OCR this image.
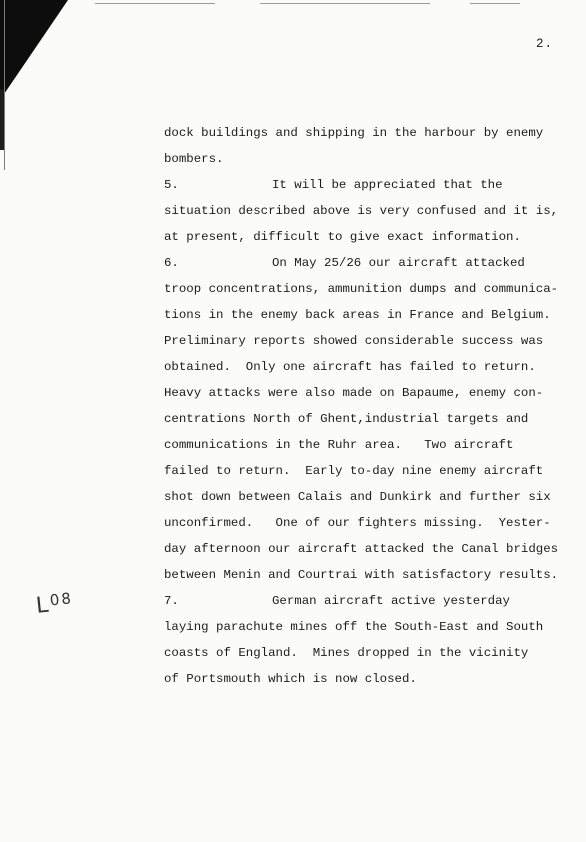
2.
dock buildings and shipping in the harbour by enemy
bombers.
5.	It will be appreciated that the
situation described above is very confused and it is,
at present, difficult to give exact information.
6.	On May 25/26 our aircraft attacked
troop concentrations, ammunition dumps and communica-
tions in the enemy back areas in France and Belgium.
Preliminary reports showed considerable success was
obtained.  Only one aircraft has failed to return.
Heavy attacks were also made on Bapaume, enemy con-
centrations North of Ghent,industrial targets and
communications in the Ruhr area.   Two aircraft
failed to return.  Early to-day nine enemy aircraft
shot down between Calais and Dunkirk and further six
unconfirmed.   One of our fighters missing.  Yester-
day afternoon our aircraft attacked the Canal bridges
between Menin and Courtrai with satisfactory results.
7.	German aircraft active yesterday
laying parachute mines off the South-East and South
coasts of England.  Mines dropped in the vicinity
of Portsmouth which is now closed.
$L^{08}$
